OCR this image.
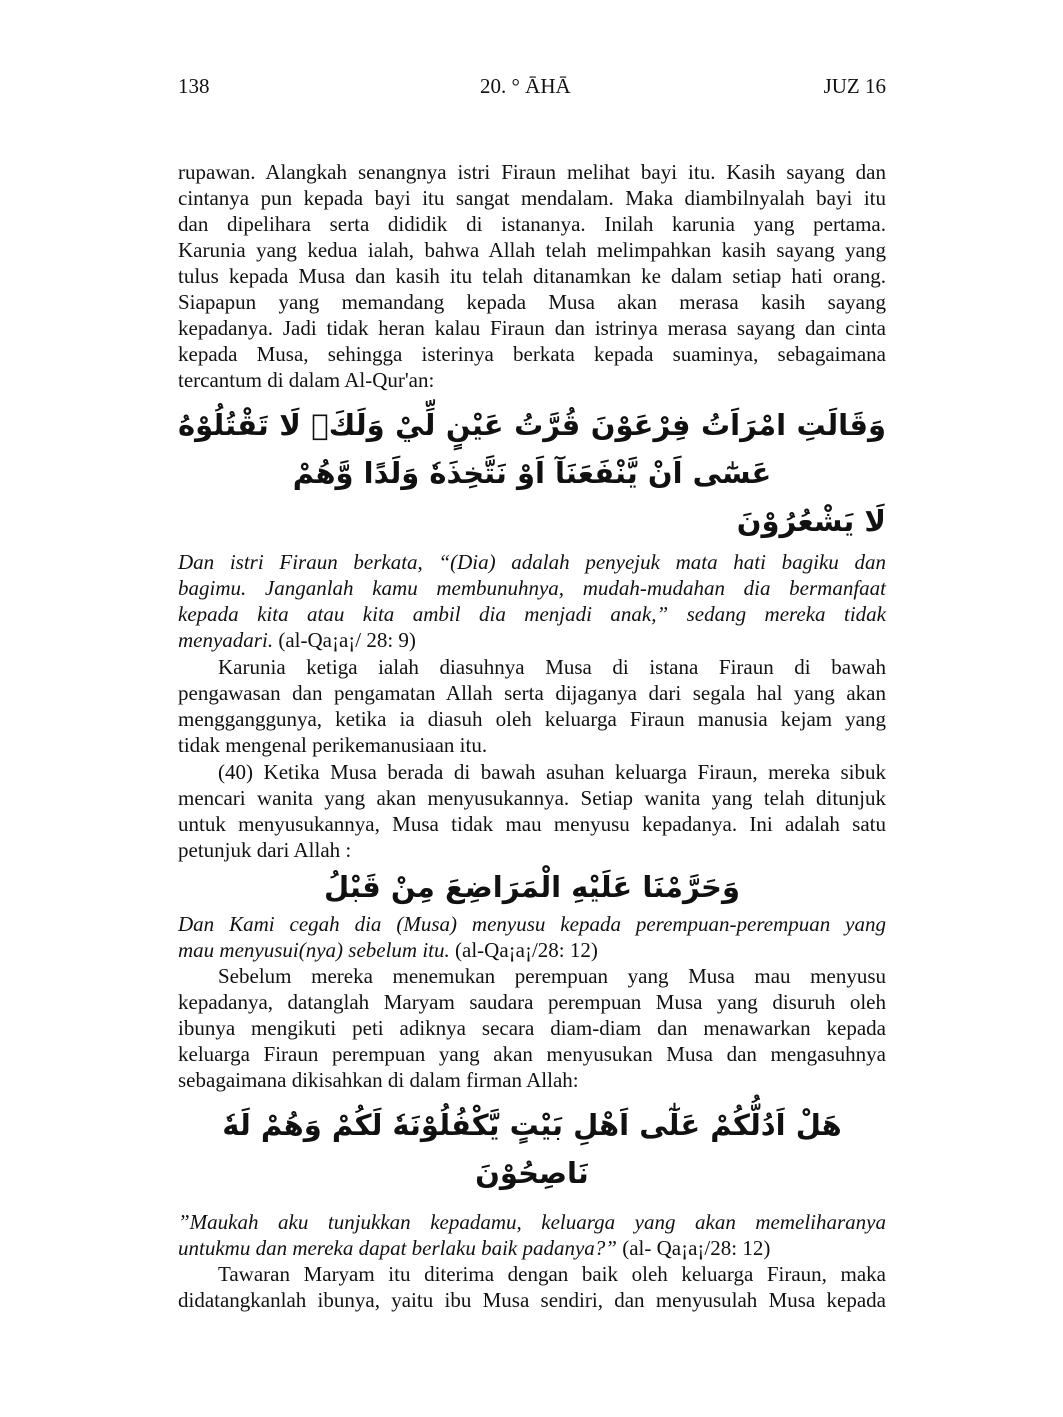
138	20. ° ĀHĀ	JUZ 16
rupawan. Alangkah senangnya istri Firaun melihat bayi itu. Kasih sayang dan
cintanya pun kepada bayi itu sangat mendalam. Maka diambilnyalah bayi itu
dan dipelihara serta dididik di istananya. Inilah karunia yang pertama.
Karunia yang kedua ialah, bahwa Allah telah melimpahkan kasih sayang yang
tulus kepada Musa dan kasih itu telah ditanamkan ke dalam setiap hati orang.
Siapapun yang memandang kepada Musa akan merasa kasih sayang
kepadanya. Jadi tidak heran kalau Firaun dan istrinya merasa sayang dan cinta
kepada Musa, sehingga isterinya berkata kepada suaminya, sebagaimana
tercantum di dalam Al-Qur'an:
وَقَالَتِ امْرَاَتُ فِرْعَوْنَ قُرَّتُ عَيْنٍ لِّيْ وَلَكَۗ لَا تَقْتُلُوْهُ عَسٰٓى اَنْ يَّنْفَعَنَآ اَوْ نَتَّخِذَهٗ وَلَدًا وَّهُمْ
لَا يَشْعُرُوْنَ
Dan istri Firaun berkata, “(Dia) adalah penyejuk mata hati bagiku dan
bagimu. Janganlah kamu membunuhnya, mudah-mudahan dia bermanfaat
kepada kita atau kita ambil dia menjadi anak,” sedang mereka tidak
menyadari. (al-Qa¡a¡/ 28: 9)
Karunia ketiga ialah diasuhnya Musa di istana Firaun di bawah
pengawasan dan pengamatan Allah serta dijaganya dari segala hal yang akan
mengganggunya, ketika ia diasuh oleh keluarga Firaun manusia kejam yang
tidak mengenal perikemanusiaan itu.
(40) Ketika Musa berada di bawah asuhan keluarga Firaun, mereka sibuk
mencari wanita yang akan menyusukannya. Setiap wanita yang telah ditunjuk
untuk menyusukannya, Musa tidak mau menyusu kepadanya. Ini adalah satu
petunjuk dari Allah :
وَحَرَّمْنَا عَلَيْهِ الْمَرَاضِعَ مِنْ قَبْلُ
Dan Kami cegah dia (Musa) menyusu kepada perempuan-perempuan yang
mau menyusui(nya) sebelum itu. (al-Qa¡a¡/28: 12)
Sebelum mereka menemukan perempuan yang Musa mau menyusu
kepadanya, datanglah Maryam saudara perempuan Musa yang disuruh oleh
ibunya mengikuti peti adiknya secara diam-diam dan menawarkan kepada
keluarga Firaun perempuan yang akan menyusukan Musa dan mengasuhnya
sebagaimana dikisahkan di dalam firman Allah:
هَلْ اَدُلُّكُمْ عَلٰٓى اَهْلِ بَيْتٍ يَّكْفُلُوْنَهٗ لَكُمْ وَهُمْ لَهٗ نَاصِحُوْنَ
”Maukah aku tunjukkan kepadamu, keluarga yang akan memeliharanya
untukmu dan mereka dapat berlaku baik padanya?” (al- Qa¡a¡/28: 12)
Tawaran Maryam itu diterima dengan baik oleh keluarga Firaun, maka
didatangkanlah ibunya, yaitu ibu Musa sendiri, dan menyusulah Musa kepada
